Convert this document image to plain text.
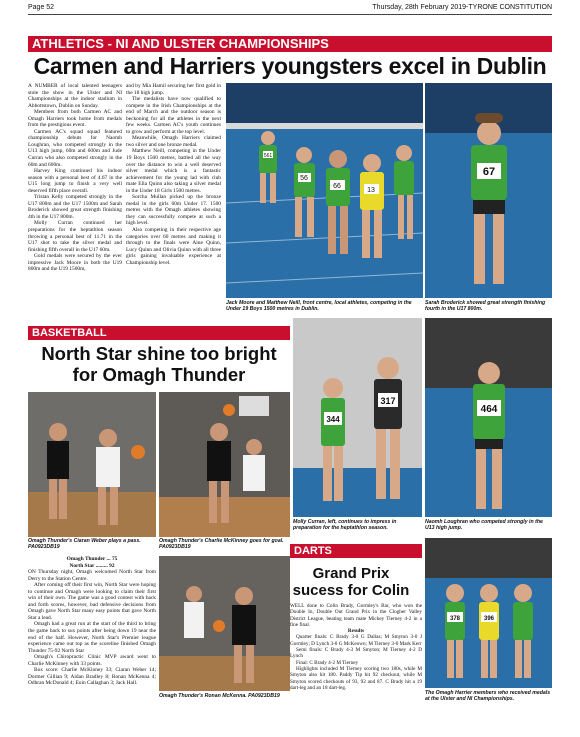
Page 52	Thursday, 28th February 2019-TYRONE CONSTITUTION
ATHLETICS - NI AND ULSTER CHAMPIONSHIPS
Carmen and Harriers youngsters excel in Dublin

A NUMBER of local talented teenagers stole the show in the Ulster and NI Championships at the indoor stadium in Abbottstown, Dublin on Sunday.

Members from both Carmen AC and Omagh Harriers took home from medals from the prestigious event.

Carmen AC's squad squad featured championship debuts for Naomh Loughran, who competed strongly in the U13 high jump, 60m and 600m and Jude Curran who also competed strongly in the 60m and 600m.

Harvey King continued his indoor season with a personal best of 4.67 in the U15 long jump to finish a very well deserved fifth place overall.

Tristan Kelly competed strongly in the U17 800m and the U17 1500m and Sarah Broderick showed great strength finishing 4th in the U17 800m.

Molly Curran continued her preparations for the heptathlon season throwing a personal best of 11.71 in the U17 shot to take the silver medal and finishing fifth overall in the U17 60m.

Gold medals were secured by the ever impressive Jack Moore in both the U19 800m and the U19 1500m,

and by Mia Hamil securing her first gold in the 18 high jump.

The medalists have now qualified to compete in the Irish Championships at the end of March and the outdoor season is beckoning for all the athletes in the next few weeks. Carmen AC's youth continues to grow and perform at the top level.

Meanwhile, Omagh Harriers claimed two silver and one bronze medal.

Matthew Neill, competing in the Under 19 Boys 1500 metres, battled all the way over the distance to win a well deserved silver medal which is a fantastic achievement for the young lad with club mate Ella Quinn also taking a silver medal in the Under 18 Girls 1500 metres.

Sorcha Mullan picked up the bronze medal in the girls 60m Under 17. 1500 metres with the Omagh athletes showing they can successfully compete at such a high level.

Also competing in their respective age categories over 60 metres and making it through to the finals were Aine Quinn, Lucy Quinn and Olivia Quinn with all three girls gaining invaluable experience at Championship level.

561
56
66
13
Jack Moore and Matthew Neill, front centre, local athletes, competing in the Under 19 Boys 1500 metres in Dublin.
67
Sarah Broderick showed great strength finishing fourth in the U17 800m.
BASKETBALL
North Star shine too bright for Omagh Thunder
Omagh Thunder's Ciaran Weber plays a pass. PA0923DB19
Omagh Thunder's Charlie McKinney goes for goal. PA0923DB19

Omagh Thunder ... 75

North Star ......... 92

ON Thursday night, Omagh welcomed North Star from Derry to the Station Centre.

After coming off their first win, North Star were hoping to continue and Omagh were looking to claim their first win of their own. The game was a good contest with back and forth scores, however, bad defensive decisions from Omagh gave North Star many easy points that gave North Star a lead.

Omagh had a great run at the start of the third to bring the game back to sux points after being down 19 near the end of the half. However, North Star's Premier league experience came out top as the scoreline finished Omagh Thunder 75-92 North Star

Omagh's Chiropractic Clinic MVP award went to Charlie McKinney with 33 points.

Box score: Charlie McKinney 33; Ciaran Weber 14; Dormer Gillian 9; Aidan Bradley 8; Ronan McKenna 4; Odhran McDonald 4; Eoin Callaghan 3; Jack Hall.

Omagh Thunder's Ronan McKenna. PA0923DB19
344
317
Molly Curran, left, continues to impress in preparation for the heptathlon season.
464
Naomh Loughran who competed strongly in the U13 high jump.
DARTS
Grand Prix sucess for Colin

WELL done to Colin Brady, Gormley's Bar, who won the Double In, Double Out Grand Prix in the Clogher Valley District League, beating team mate Mickey Tierney 4-2 in a fine final.

Results

Quarter finals: C Brady 3-0 G Dallas; M Smyton 3-0 J Gormley; D Lynch 3-0 G McKeown; M Tierney 3-0 Mark Kerr

Semi finals: C Brady 4-3 M Smyton; M Tierney 4-2 D Lynch

Final: C Brady 4-2 M Tierney

Highlights included M Tierney scoring two 180s, while M Smyton also hit 180. Paddy Tip hit 92 checkout, while M Smyton scored checkouts of 93, 92 and 87. C Brady hit a 19 dart-leg and an 18 dart-leg.

378	396
The Omagh Harrier members who received medals at the Ulster and NI Championships.
